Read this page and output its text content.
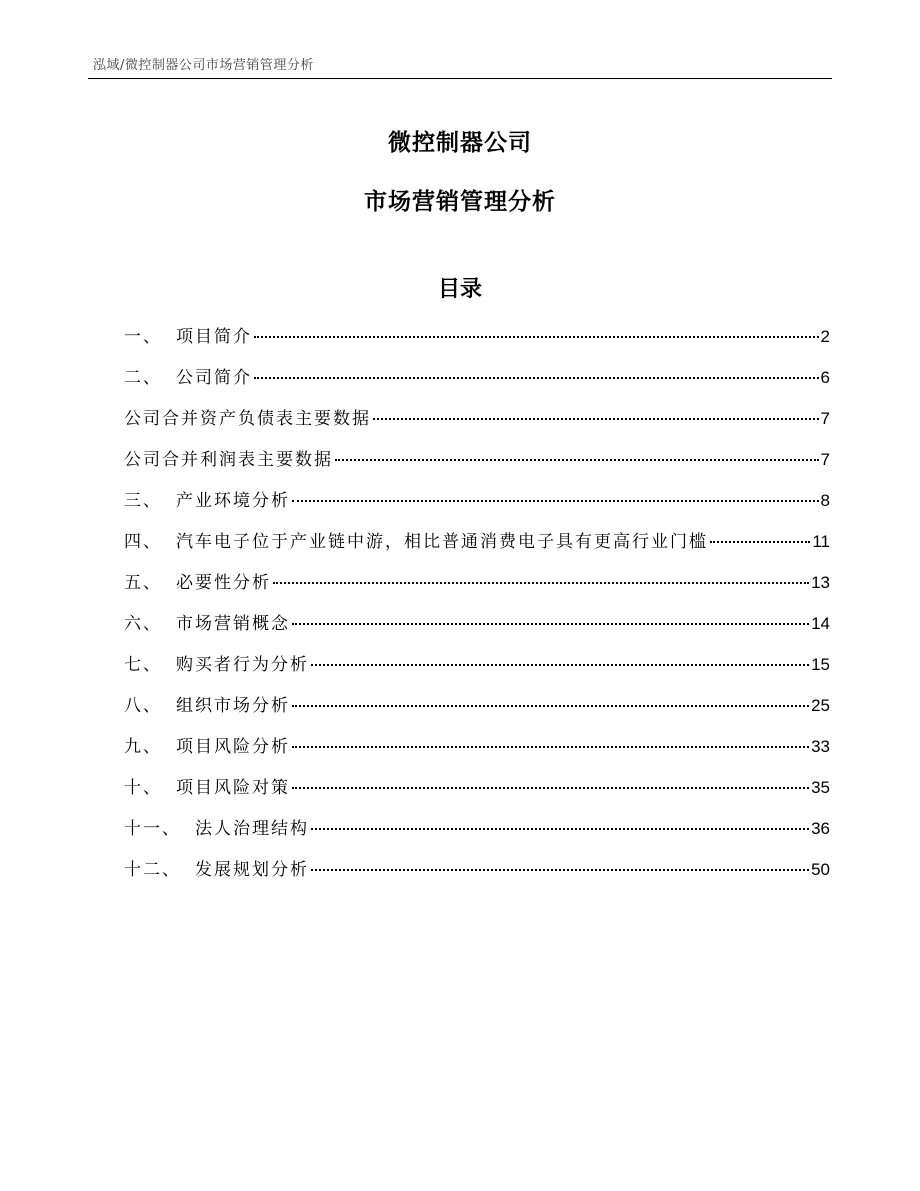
泓域/微控制器公司市场营销管理分析
微控制器公司
市场营销管理分析
目录
一、 项目简介	2
二、 公司简介	6
公司合并资产负债表主要数据	7
公司合并利润表主要数据	7
三、 产业环境分析	8
四、 汽车电子位于产业链中游，相比普通消费电子具有更高行业门槛	11
五、 必要性分析	13
六、 市场营销概念	14
七、 购买者行为分析	15
八、 组织市场分析	25
九、 项目风险分析	33
十、 项目风险对策	35
十一、 法人治理结构	36
十二、 发展规划分析	50
